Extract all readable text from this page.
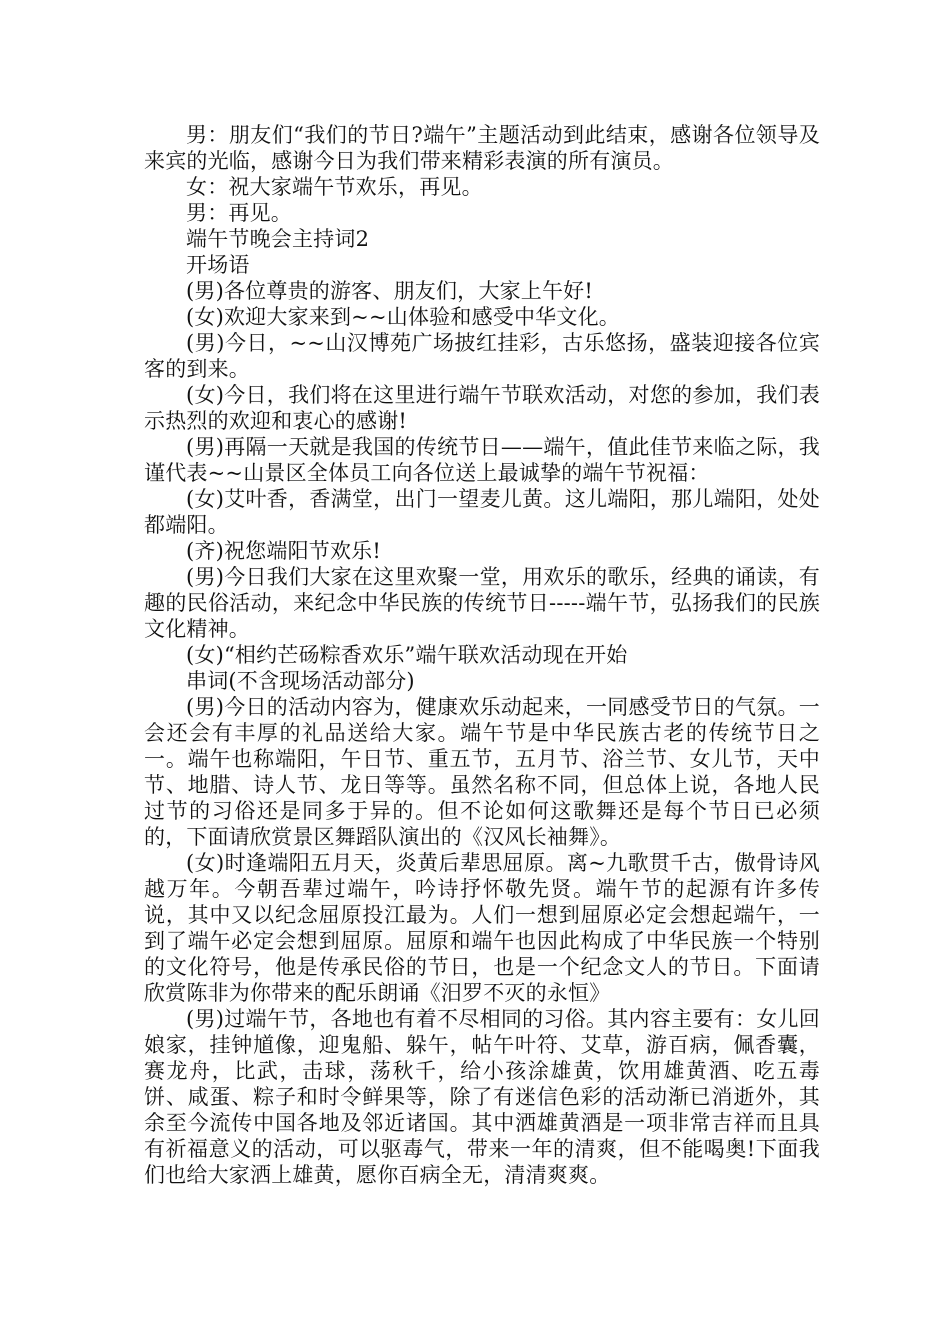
男：朋友们“我们的节日?端午”主题活动到此结束，感谢各位领导及来宾的光临，感谢今日为我们带来精彩表演的所有演员。

女：祝大家端午节欢乐，再见。

男：再见。

端午节晚会主持词2

开场语

(男)各位尊贵的游客、朋友们，大家上午好!

(女)欢迎大家来到~~山体验和感受中华文化。

(男)今日，~~山汉博苑广场披红挂彩，古乐悠扬，盛装迎接各位宾客的到来。

(女)今日，我们将在这里进行端午节联欢活动，对您的参加，我们表示热烈的欢迎和衷心的感谢!

(男)再隔一天就是我国的传统节日——端午，值此佳节来临之际，我谨代表~~山景区全体员工向各位送上最诚挚的端午节祝福：

(女)艾叶香，香满堂，出门一望麦儿黄。这儿端阳，那儿端阳，处处都端阳。

(齐)祝您端阳节欢乐!

(男)今日我们大家在这里欢聚一堂，用欢乐的歌乐，经典的诵读，有趣的民俗活动，来纪念中华民族的传统节日-----端午节，弘扬我们的民族文化精神。

(女)“相约芒砀粽香欢乐”端午联欢活动现在开始

串词(不含现场活动部分)

(男)今日的活动内容为，健康欢乐动起来，一同感受节日的气氛。一会还会有丰厚的礼品送给大家。端午节是中华民族古老的传统节日之一。端午也称端阳，午日节、重五节，五月节、浴兰节、女儿节，天中节、地腊、诗人节、龙日等等。虽然名称不同，但总体上说，各地人民过节的习俗还是同多于异的。但不论如何这歌舞还是每个节日已必须的，下面请欣赏景区舞蹈队演出的《汉风长袖舞》。

(女)时逢端阳五月天，炎黄后辈思屈原。离~九歌贯千古，傲骨诗风越万年。今朝吾辈过端午，吟诗抒怀敬先贤。端午节的起源有许多传说，其中又以纪念屈原投江最为。人们一想到屈原必定会想起端午，一到了端午必定会想到屈原。屈原和端午也因此构成了中华民族一个特别的文化符号，他是传承民俗的节日，也是一个纪念文人的节日。下面请欣赏陈非为你带来的配乐朗诵《汨罗不灭的永恒》

(男)过端午节，各地也有着不尽相同的习俗。其内容主要有：女儿回娘家，挂钟馗像，迎鬼船、躲午，帖午叶符、艾草，游百病，佩香囊，赛龙舟，比武，击球，荡秋千，给小孩涂雄黄，饮用雄黄酒、吃五毒饼、咸蛋、粽子和时令鲜果等，除了有迷信色彩的活动渐已消逝外，其余至今流传中国各地及邻近诸国。其中洒雄黄酒是一项非常吉祥而且具有祈福意义的活动，可以驱毒气，带来一年的清爽，但不能喝奥!下面我们也给大家洒上雄黄，愿你百病全无，清清爽爽。
